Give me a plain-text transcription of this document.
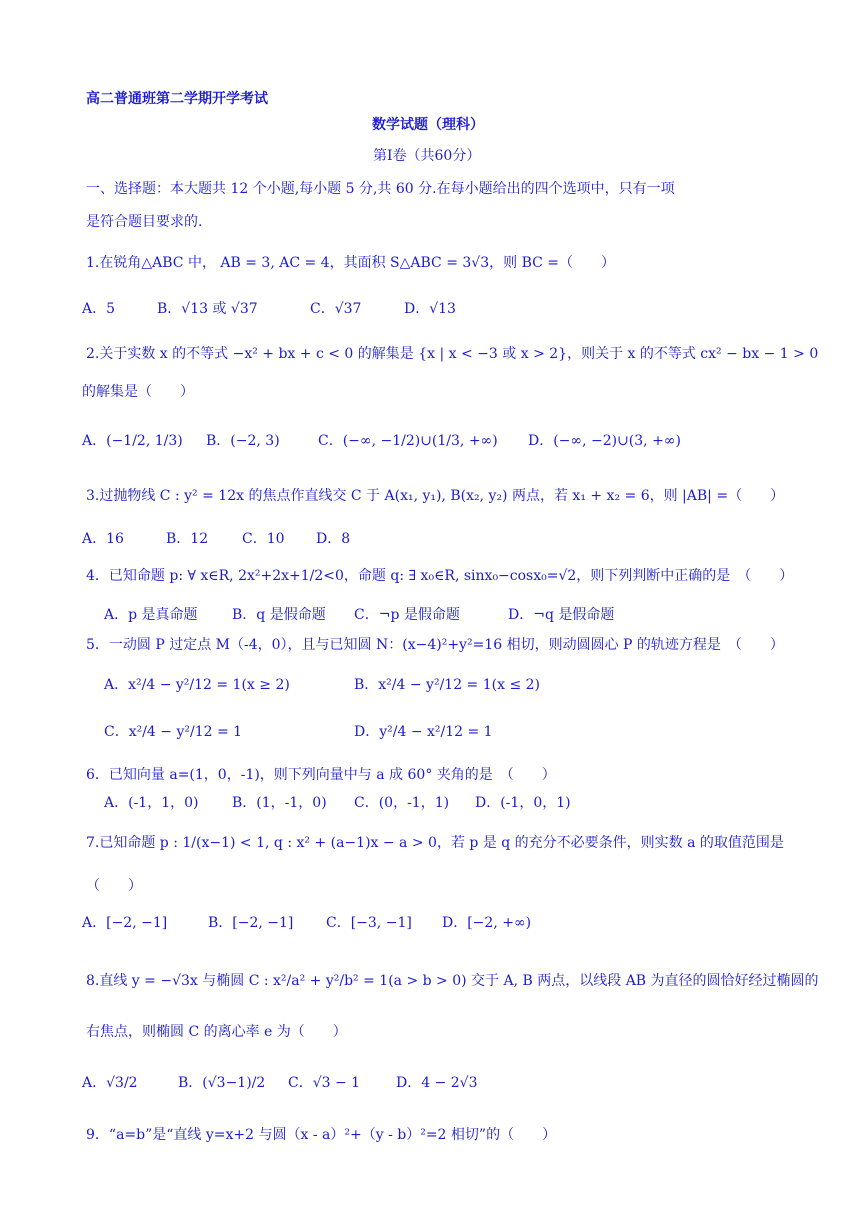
高二普通班第二学期开学考试
数学试题（理科）
第Ⅰ卷（共60分）
一、选择题：本大题共 12 个小题,每小题 5 分,共 60 分.在每小题给出的四个选项中，只有一项
是符合题目要求的.
1.在锐角△ABC 中， AB = 3, AC = 4，其面积 S△ABC = 3√3，则 BC =（　　）
A．5	B．√13 或 √37	C．√37	D．√13
2.关于实数 x 的不等式 −x² + bx + c < 0 的解集是 {x | x < −3 或 x > 2}，则关于 x 的不等式 cx² − bx − 1 > 0
的解集是（　　）
A．(−1/2, 1/3) B．(−2, 3)	C．(−∞, −1/2)∪(1/3, +∞) D．(−∞, −2)∪(3, +∞)
3.过抛物线 C : y² = 12x 的焦点作直线交 C 于 A(x₁, y₁), B(x₂, y₂) 两点，若 x₁ + x₂ = 6，则 |AB| =（　　）
A．16	B．12 C．10 D．8
4．已知命题 p: ∀ x∈R, 2x²+2x+1/2<0，命题 q: ∃ x₀∈R, sinx₀−cosx₀=√2，则下列判断中正确的是　（　　）
A．p 是真命题 B．q 是假命题 C．¬p 是假命题	D．¬q 是假命题
5．一动圆 P 过定点 M（-4，0），且与已知圆 N：(x−4)²+y²=16 相切，则动圆圆心 P 的轨迹方程是　（　　）
A．x²/4 − y²/12 = 1(x ≥ 2)	B．x²/4 − y²/12 = 1(x ≤ 2)
C．x²/4 − y²/12 = 1	D．y²/4 − x²/12 = 1
6．已知向量 a=(1，0，-1)，则下列向量中与 a 成 60° 夹角的是　（　　）
A．(-1，1，0) B．(1，-1，0) C．(0，-1，1) D．(-1，0，1)
7.已知命题 p : 1/(x−1) < 1, q : x² + (a−1)x − a > 0，若 p 是 q 的充分不必要条件，则实数 a 的取值范围是
（　　）
A．[−2, −1]	B．[−2, −1] C．[−3, −1] D．[−2, +∞)
8.直线 y = −√3x 与椭圆 C : x²/a² + y²/b² = 1(a > b > 0) 交于 A, B 两点，以线段 AB 为直径的圆恰好经过椭圆的
右焦点，则椭圆 C 的离心率 e 为（　　）
A．√3/2	B．(√3−1)/2 C．√3 − 1	D．4 − 2√3
9．“a=b”是“直线 y=x+2 与圆（x - a）²+（y - b）²=2 相切”的（　　）
